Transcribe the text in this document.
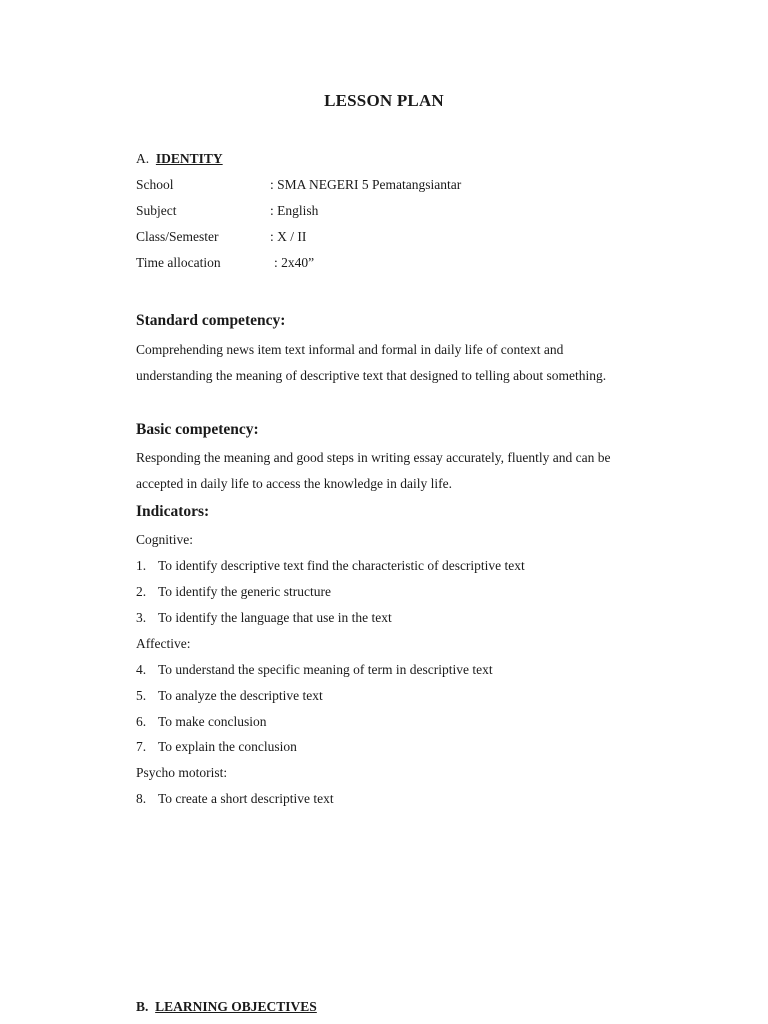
LESSON PLAN
A. IDENTITY
School	: SMA NEGERI 5 Pematangsiantar
Subject	: English
Class/Semester	: X / II
Time allocation	: 2x40”
Standard competency:
Comprehending news item text informal and formal in daily life of context and
understanding the meaning of descriptive text that designed to telling about something.
Basic competency:
Responding the meaning and good steps in writing essay accurately, fluently and can be
accepted in daily life to access the knowledge in daily life.
Indicators:
Cognitive:
1. To identify descriptive text find the characteristic of descriptive text
2. To identify the generic structure
3. To identify the language that use in the text
Affective:
4. To understand the specific meaning of term in descriptive text
5. To analyze the descriptive text
6. To make conclusion
7. To explain the conclusion
Psycho motorist:
8. To create a short descriptive text
B. LEARNING OBJECTIVES
